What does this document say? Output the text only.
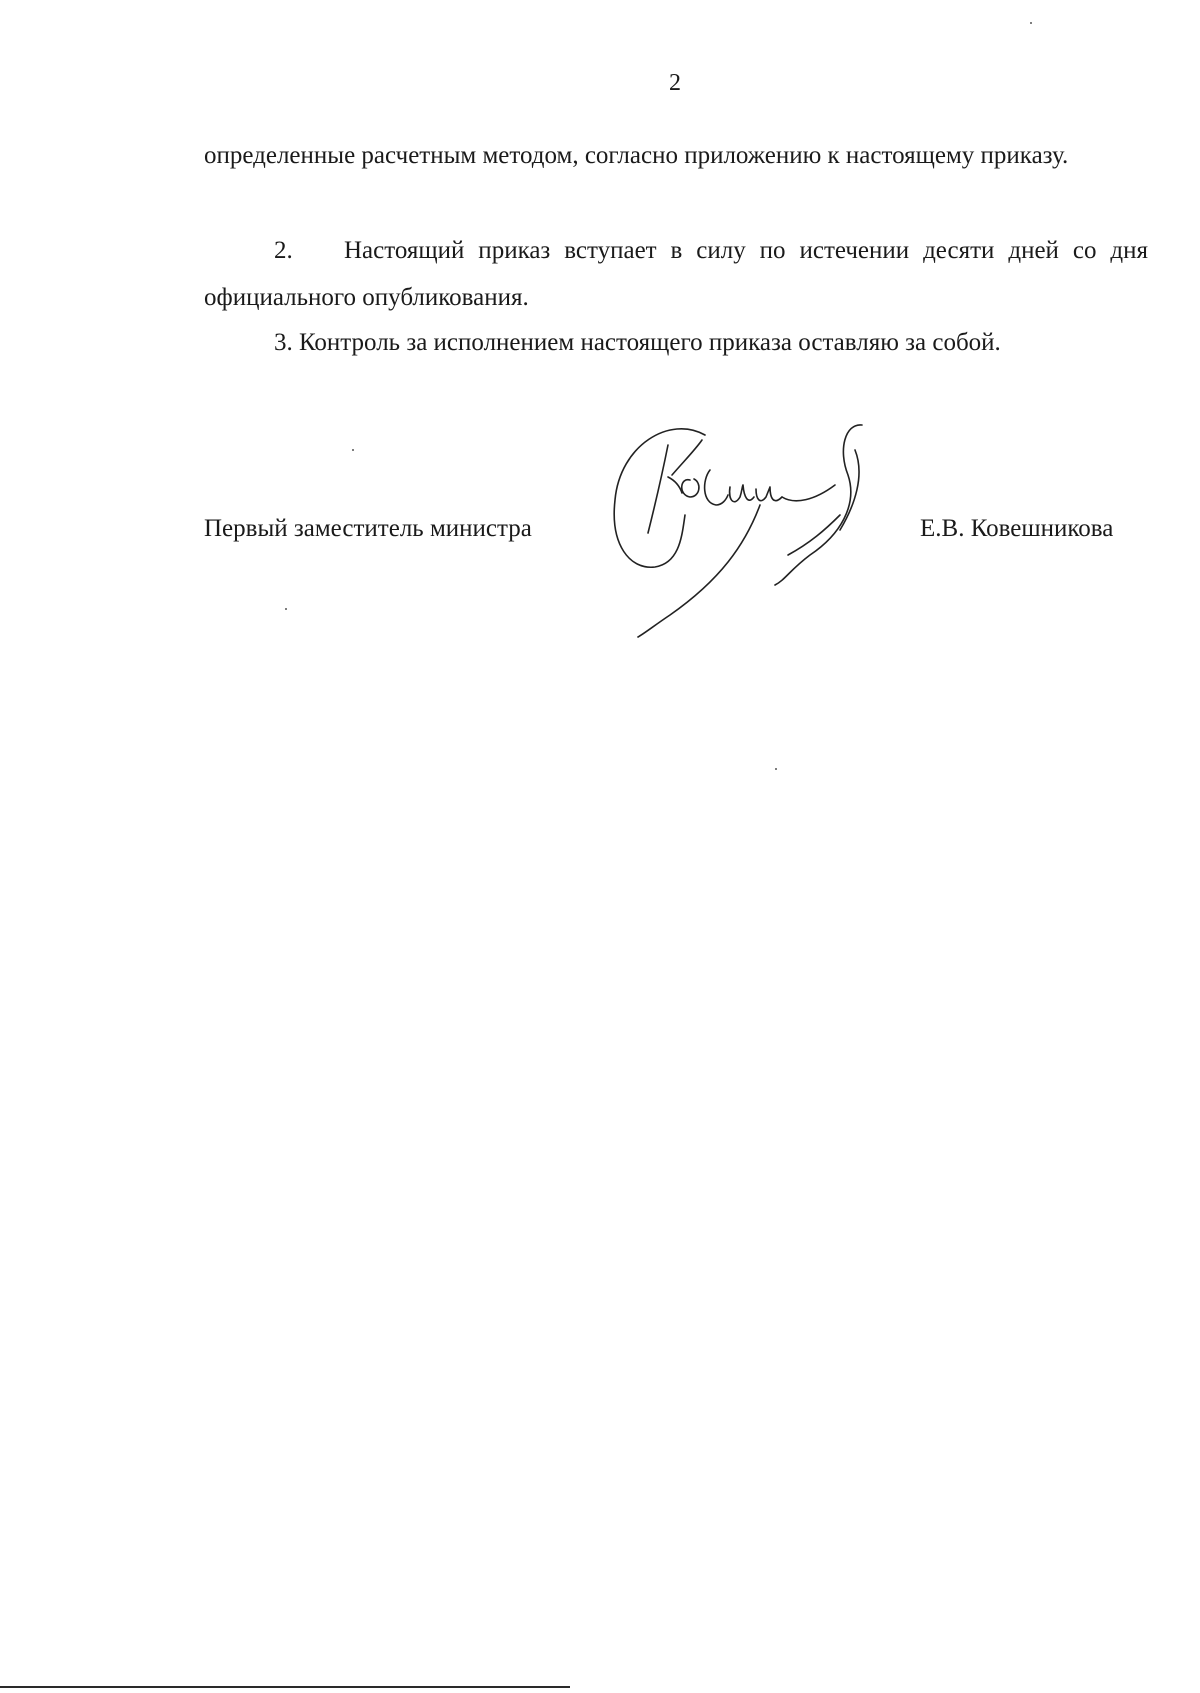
2
определенные расчетным методом, согласно приложению к настоящему приказу.
2. Настоящий приказ вступает в силу по истечении десяти дней со дня официального опубликования.
3. Контроль за исполнением настоящего приказа оставляю за собой.
Первый заместитель министра	Е.В. Ковешникова
